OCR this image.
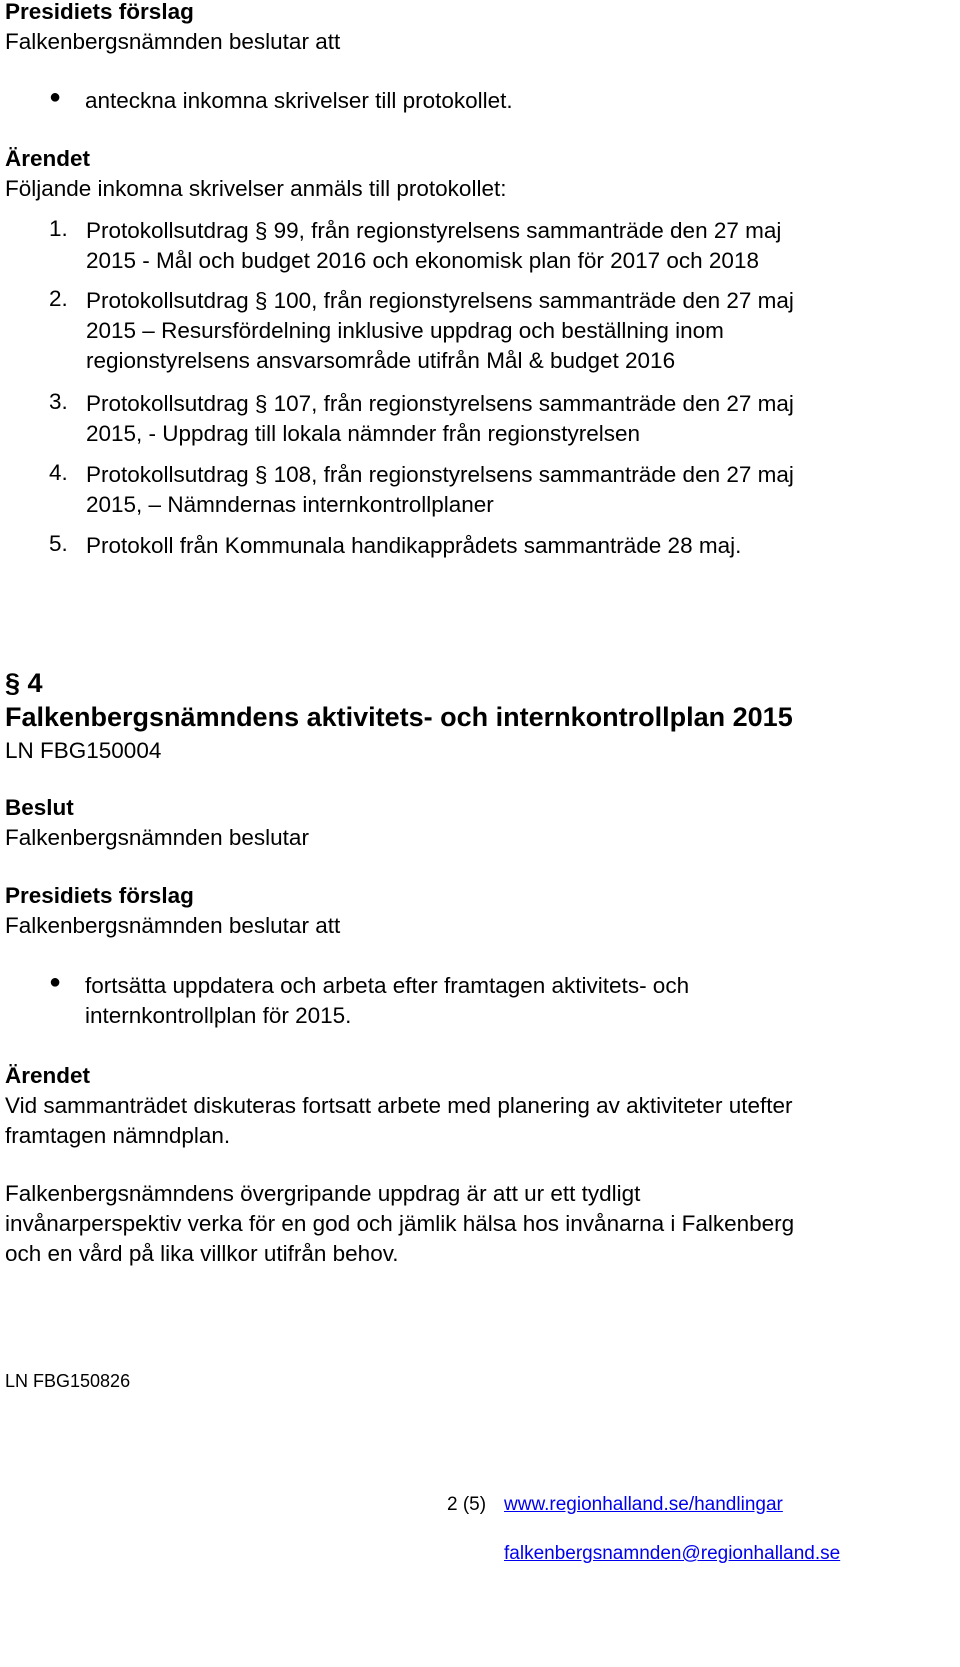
Presidiets förslag
Falkenbergsnämnden beslutar att
● anteckna inkomna skrivelser till protokollet.
Ärendet
Följande inkomna skrivelser anmäls till protokollet:
1. Protokollsutdrag § 99, från regionstyrelsens sammanträde den 27 maj
2015 - Mål och budget 2016 och ekonomisk plan för 2017 och 2018
2. Protokollsutdrag § 100, från regionstyrelsens sammanträde den 27 maj
2015 – Resursfördelning inklusive uppdrag och beställning inom
regionstyrelsens ansvarsområde utifrån Mål & budget 2016
3. Protokollsutdrag § 107, från regionstyrelsens sammanträde den 27 maj
2015, - Uppdrag till lokala nämnder från regionstyrelsen
4. Protokollsutdrag § 108, från regionstyrelsens sammanträde den 27 maj
2015, – Nämndernas internkontrollplaner
5. Protokoll från Kommunala handikapprådets sammanträde 28 maj.
§ 4
Falkenbergsnämndens aktivitets- och internkontrollplan 2015
LN FBG150004
Beslut
Falkenbergsnämnden beslutar
Presidiets förslag
Falkenbergsnämnden beslutar att
● fortsätta uppdatera och arbeta efter framtagen aktivitets- och
internkontrollplan för 2015.
Ärendet
Vid sammanträdet diskuteras fortsatt arbete med planering av aktiviteter utefter
framtagen nämndplan.
Falkenbergsnämndens övergripande uppdrag är att ur ett tydligt
invånarperspektiv verka för en god och jämlik hälsa hos invånarna i Falkenberg
och en vård på lika villkor utifrån behov.
LN FBG150826
2 (5) www.regionhalland.se/handlingar
falkenbergsnamnden@regionhalland.se
